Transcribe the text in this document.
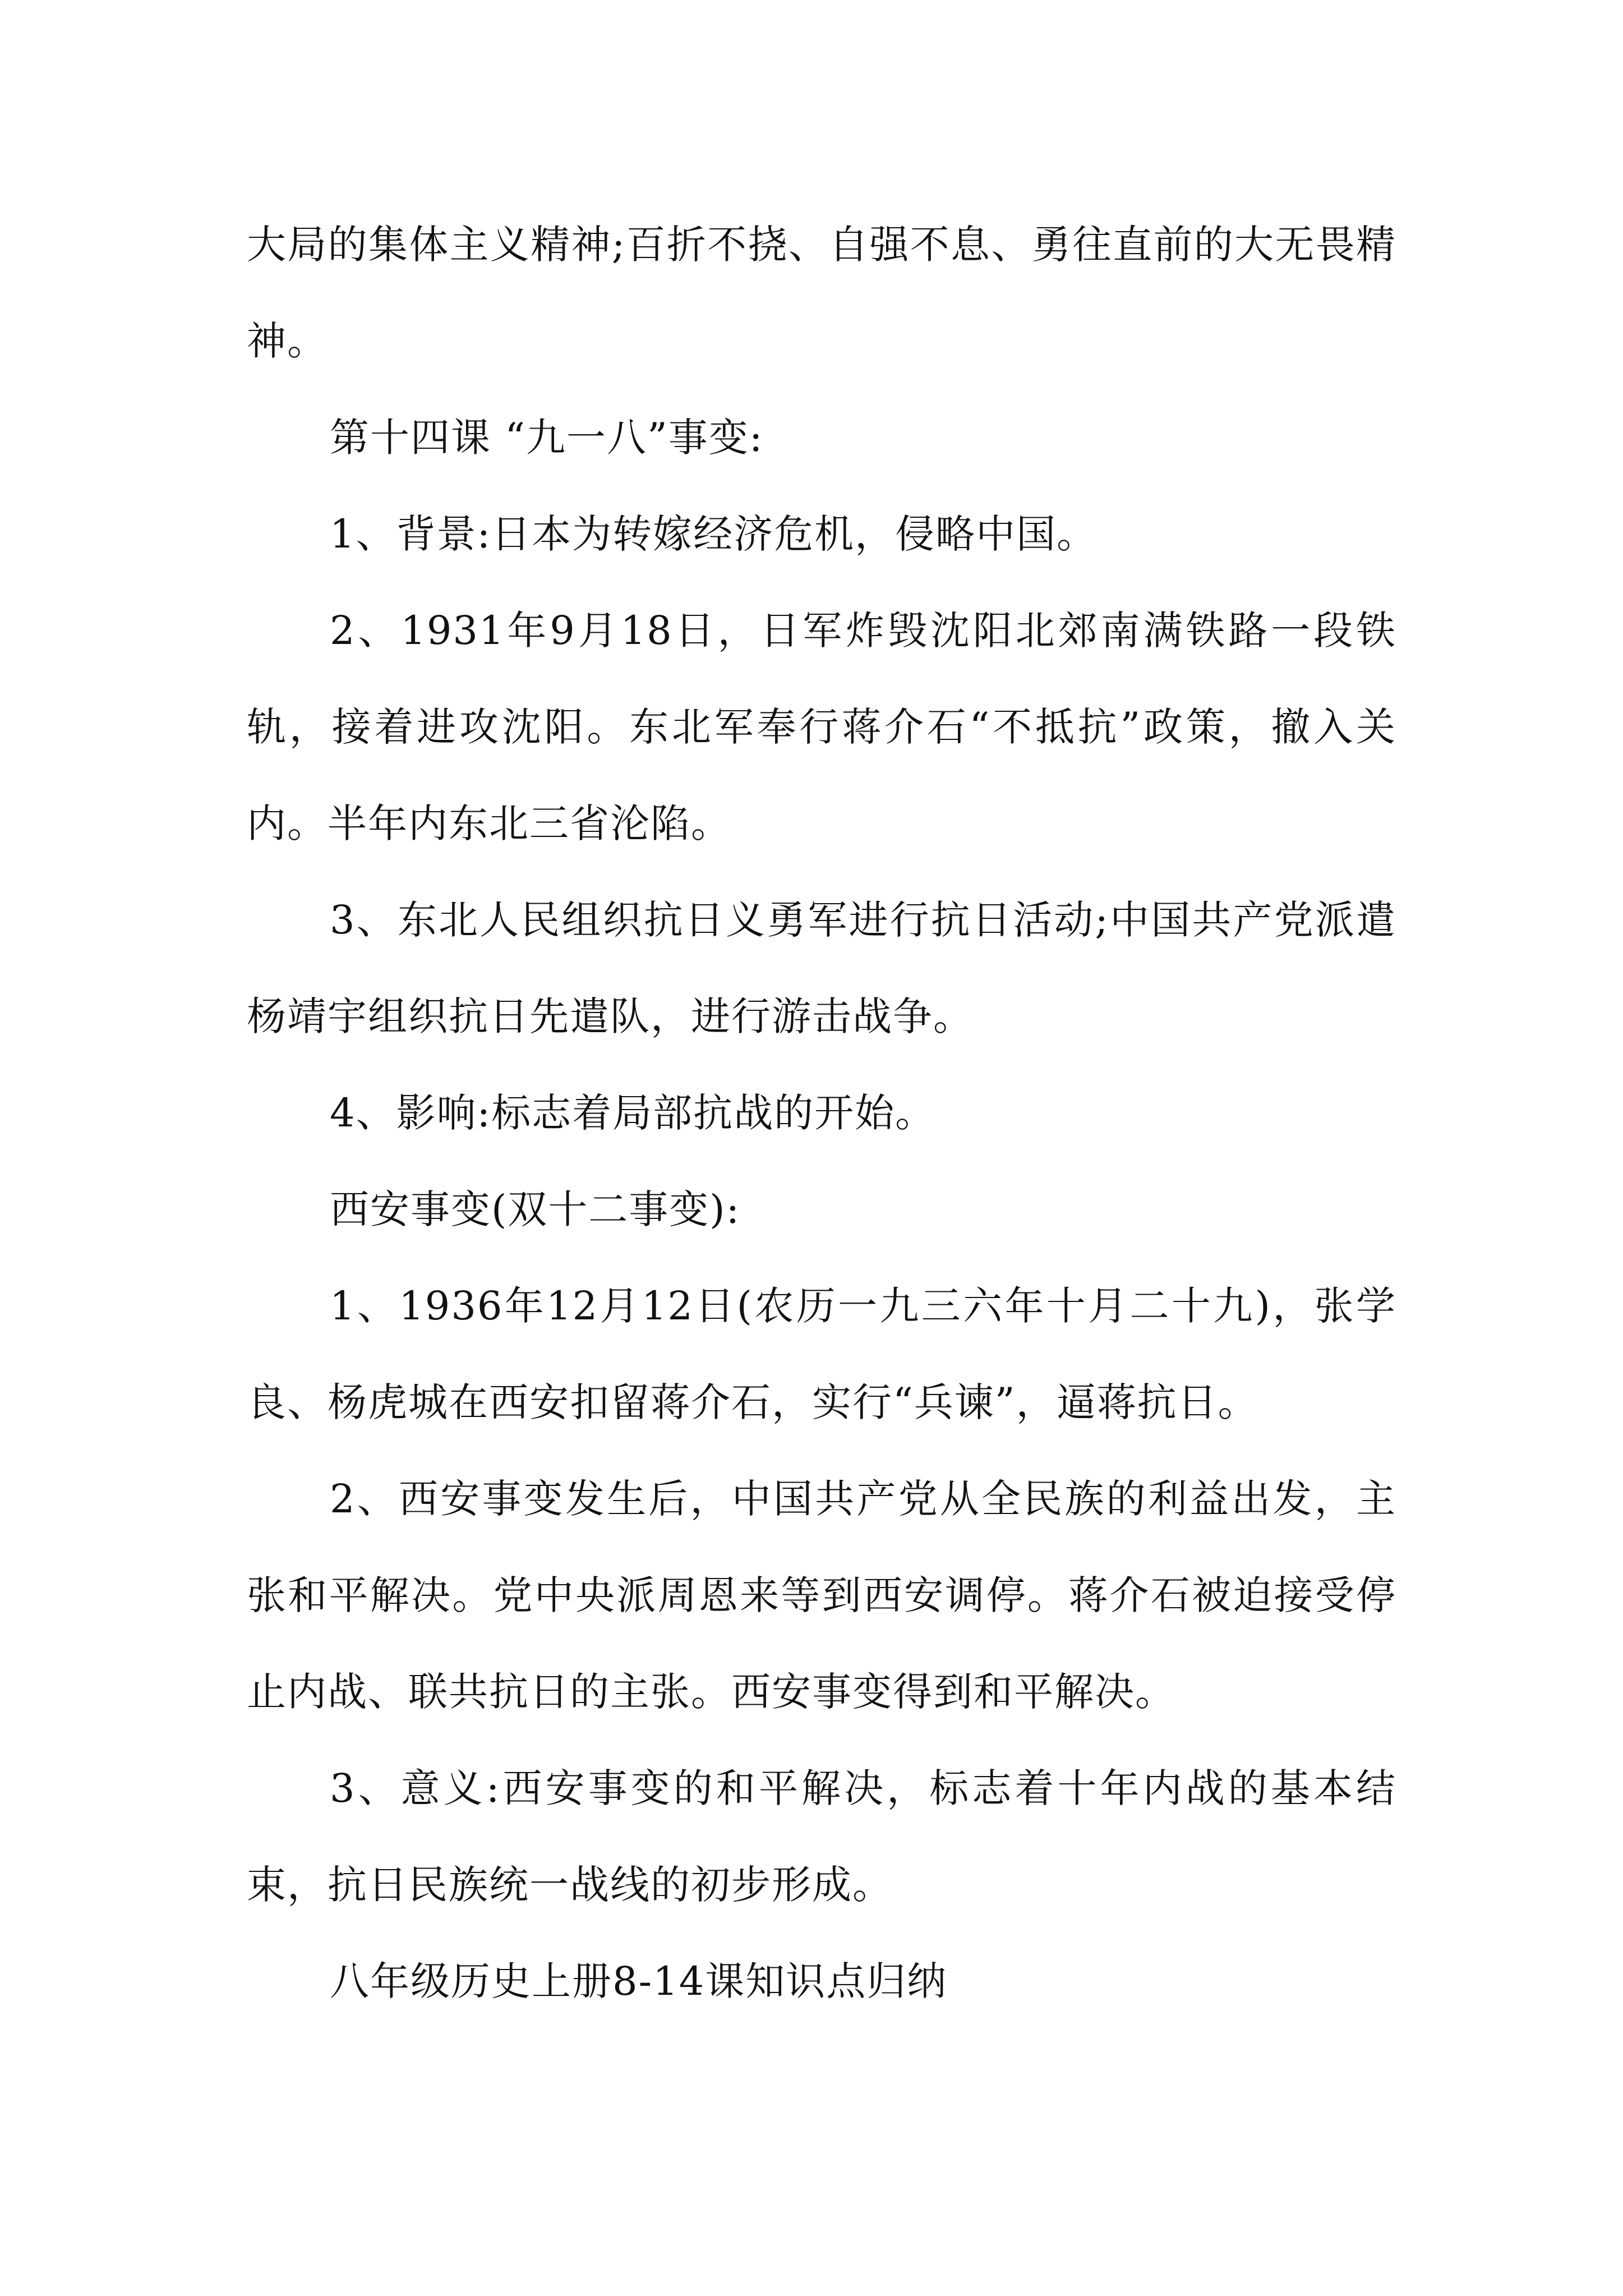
大局的集体主义精神;百折不挠、自强不息、勇往直前的大无畏精神。

第十四课 “九一八”事变:

1、背景:日本为转嫁经济危机，侵略中国。

2、1931年9月18日，日军炸毁沈阳北郊南满铁路一段铁轨，接着进攻沈阳。东北军奉行蒋介石“不抵抗”政策，撤入关内。半年内东北三省沦陷。

3、东北人民组织抗日义勇军进行抗日活动;中国共产党派遣杨靖宇组织抗日先遣队，进行游击战争。

4、影响:标志着局部抗战的开始。

西安事变(双十二事变):

1、1936年12月12日(农历一九三六年十月二十九)，张学良、杨虎城在西安扣留蒋介石，实行“兵谏”，逼蒋抗日。

2、西安事变发生后，中国共产党从全民族的利益出发，主张和平解决。党中央派周恩来等到西安调停。蒋介石被迫接受停止内战、联共抗日的主张。西安事变得到和平解决。

3、意义:西安事变的和平解决，标志着十年内战的基本结束，抗日民族统一战线的初步形成。

八年级历史上册8-14课知识点归纳
